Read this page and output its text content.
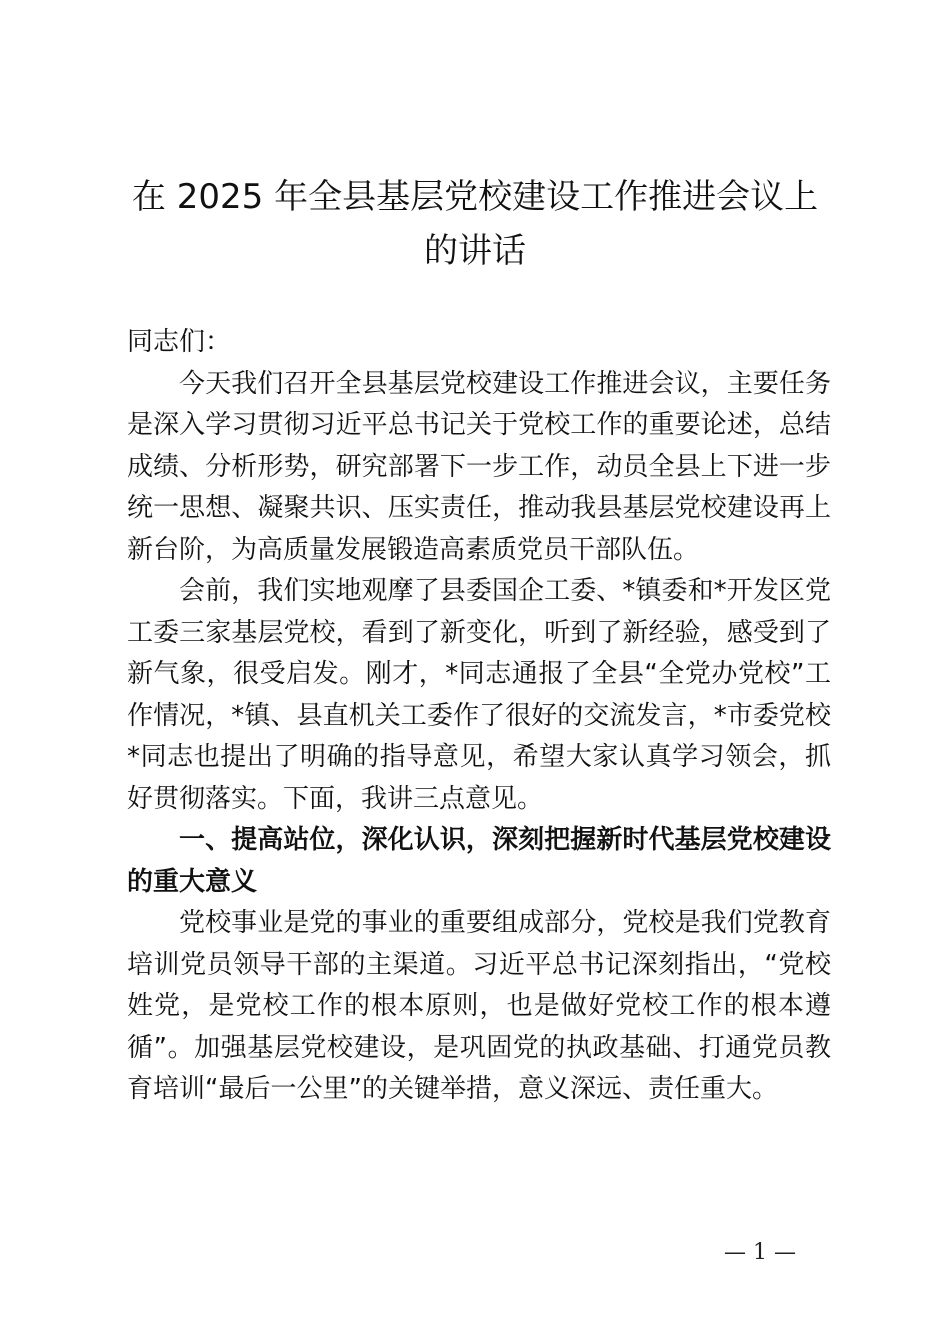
在 2025 年全县基层党校建设工作推进会议上
的讲话

同志们：

今天我们召开全县基层党校建设工作推进会议，主要任务是深入学习贯彻习近平总书记关于党校工作的重要论述，总结成绩、分析形势，研究部署下一步工作，动员全县上下进一步统一思想、凝聚共识、压实责任，推动我县基层党校建设再上新台阶，为高质量发展锻造高素质党员干部队伍。

会前，我们实地观摩了县委国企工委、*镇委和*开发区党工委三家基层党校，看到了新变化，听到了新经验，感受到了新气象，很受启发。刚才，*同志通报了全县“全党办党校”工作情况，*镇、县直机关工委作了很好的交流发言，*市委党校*同志也提出了明确的指导意见，希望大家认真学习领会，抓好贯彻落实。下面，我讲三点意见。

一、提高站位，深化认识，深刻把握新时代基层党校建设的重大意义

党校事业是党的事业的重要组成部分，党校是我们党教育培训党员领导干部的主渠道。习近平总书记深刻指出，“党校姓党，是党校工作的根本原则，也是做好党校工作的根本遵循”。加强基层党校建设，是巩固党的执政基础、打通党员教育培训“最后一公里”的关键举措，意义深远、责任重大。

— 1 —
